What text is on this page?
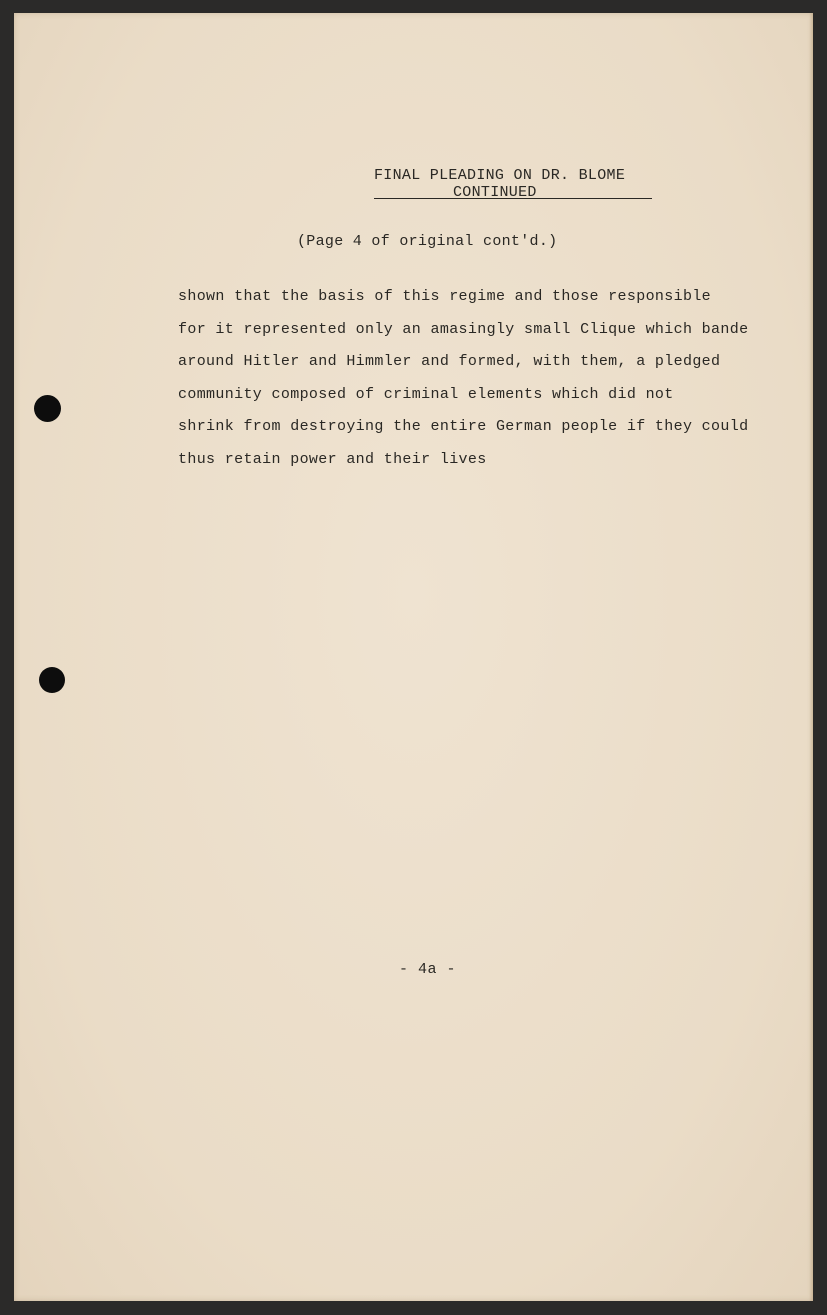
FINAL PLEADING ON DR. BLOME
CONTINUED
(Page 4 of original cont'd.)
shown that the basis of this regime and those responsible
for it represented only an amasingly small Clique which bande
around Hitler and Himmler and formed, with them, a pledged
community composed of criminal elements which did not
shrink from destroying the entire German people if they could
thus retain power and their lives
- 4a -
